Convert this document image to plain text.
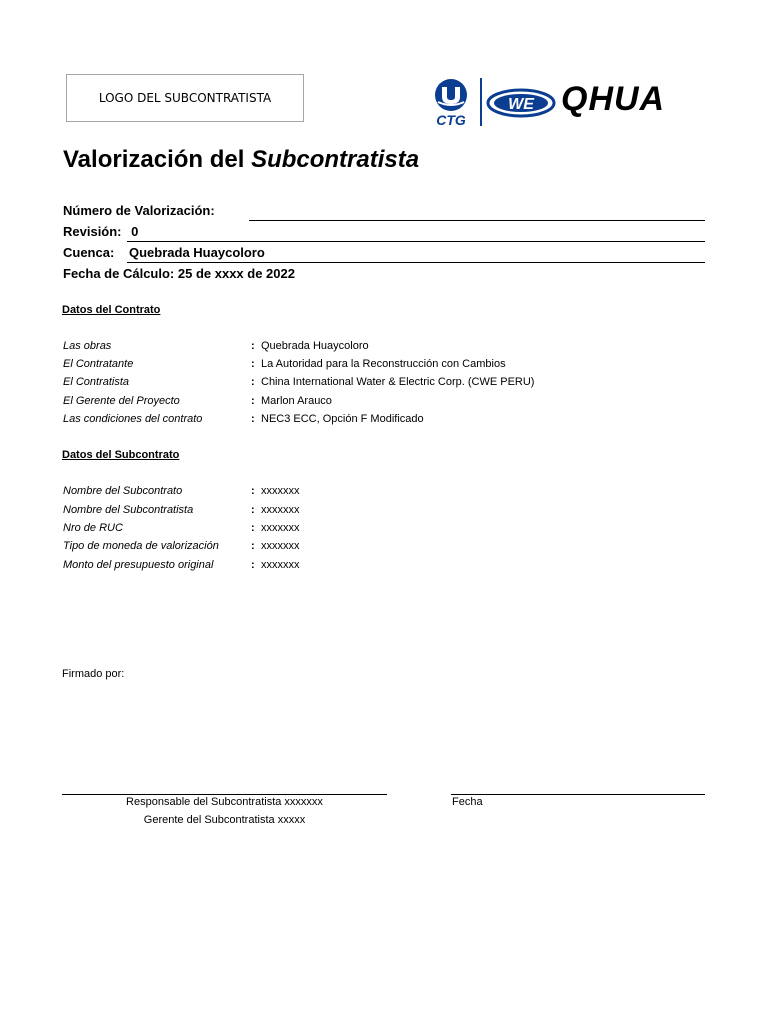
LOGO DEL SUBCONTRATISTA
CTG
WE QHUA
Valorización del Subcontratista
Número de Valorización:
Revisión: 0
Cuenca: Quebrada Huaycoloro
Fecha de Cálculo: 25 de xxxx de 2022
Datos del Contrato
Las obras	: Quebrada Huaycoloro
El Contratante	: La Autoridad para la Reconstrucción con Cambios
El Contratista	: China International Water & Electric Corp. (CWE PERU)
El Gerente del Proyecto	: Marlon Arauco
Las condiciones del contrato	: NEC3 ECC, Opción F Modificado
Datos del Subcontrato
Nombre del Subcontrato	: xxxxxxx
Nombre del Subcontratista	: xxxxxxx
Nro de RUC	: xxxxxxx
Tipo de moneda de valorización	: xxxxxxx
Monto del presupuesto original	: xxxxxxx
Firmado por:
Responsable del Subcontratista xxxxxxx
Gerente del Subcontratista xxxxx
Fecha
